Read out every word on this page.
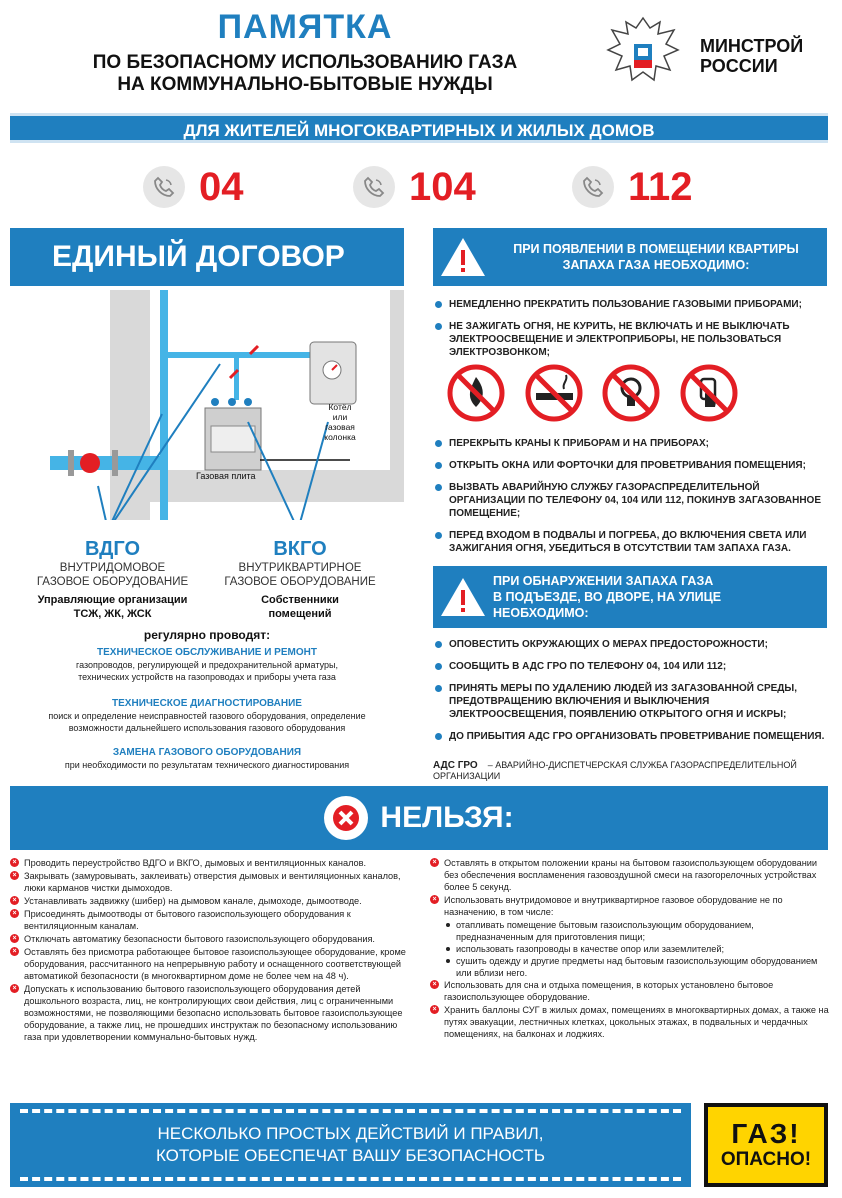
ПАМЯТКА
ПО БЕЗОПАСНОМУ ИСПОЛЬЗОВАНИЮ ГАЗА
НА КОММУНАЛЬНО-БЫТОВЫЕ НУЖДЫ
МИНСТРОЙ
РОССИИ
ДЛЯ ЖИТЕЛЕЙ МНОГОКВАРТИРНЫХ И ЖИЛЫХ ДОМОВ
04	104	112
ЕДИНЫЙ ДОГОВОР
Котёл
или
газовая
колонка
Газовая плита
ВДГО
ВНУТРИДОМОВОЕ
ГАЗОВОЕ ОБОРУДОВАНИЕ
Управляющие организации
ТСЖ, ЖК, ЖСК
ВКГО
ВНУТРИКВАРТИРНОЕ
ГАЗОВОЕ ОБОРУДОВАНИЕ
Собственники
помещений
регулярно проводят:
ТЕХНИЧЕСКОЕ ОБСЛУЖИВАНИЕ И РЕМОНТ
газопроводов, регулирующей и предохранительной арматуры,
технических устройств на газопроводах и приборы учета газа
ТЕХНИЧЕСКОЕ ДИАГНОСТИРОВАНИЕ
поиск и определение неисправностей газового оборудования, определение
возможности дальнейшего использования газового оборудования
ЗАМЕНА ГАЗОВОГО ОБОРУДОВАНИЯ
при необходимости по результатам технического диагностирования
ПРИ ПОЯВЛЕНИИ В ПОМЕЩЕНИИ КВАРТИРЫ
ЗАПАХА ГАЗА НЕОБХОДИМО:
НЕМЕДЛЕННО ПРЕКРАТИТЬ ПОЛЬЗОВАНИЕ ГАЗОВЫМИ ПРИБОРАМИ;
НЕ ЗАЖИГАТЬ ОГНЯ, НЕ КУРИТЬ, НЕ ВКЛЮЧАТЬ И НЕ ВЫКЛЮЧАТЬ ЭЛЕКТРООСВЕЩЕНИЕ И ЭЛЕКТРОПРИБОРЫ, НЕ ПОЛЬЗОВАТЬСЯ ЭЛЕКТРОЗВОНКОМ;
ПЕРЕКРЫТЬ КРАНЫ К ПРИБОРАМ И НА ПРИБОРАХ;
ОТКРЫТЬ ОКНА ИЛИ ФОРТОЧКИ ДЛЯ ПРОВЕТРИВАНИЯ ПОМЕЩЕНИЯ;
ВЫЗВАТЬ АВАРИЙНУЮ СЛУЖБУ ГАЗОРАСПРЕДЕЛИТЕЛЬНОЙ ОРГАНИЗАЦИИ ПО ТЕЛЕФОНУ 04, 104 ИЛИ 112, ПОКИНУВ ЗАГАЗОВАННОЕ ПОМЕЩЕНИЕ;
ПЕРЕД ВХОДОМ В ПОДВАЛЫ И ПОГРЕБА, ДО ВКЛЮЧЕНИЯ СВЕТА ИЛИ ЗАЖИГАНИЯ ОГНЯ, УБЕДИТЬСЯ В ОТСУТСТВИИ ТАМ ЗАПАХА ГАЗА.
ПРИ ОБНАРУЖЕНИИ ЗАПАХА ГАЗА
В ПОДЪЕЗДЕ, ВО ДВОРЕ, НА УЛИЦЕ
НЕОБХОДИМО:
ОПОВЕСТИТЬ ОКРУЖАЮЩИХ О МЕРАХ ПРЕДОСТОРОЖНОСТИ;
СООБЩИТЬ В АДС ГРО ПО ТЕЛЕФОНУ 04, 104 ИЛИ 112;
ПРИНЯТЬ МЕРЫ ПО УДАЛЕНИЮ ЛЮДЕЙ ИЗ ЗАГАЗОВАННОЙ СРЕДЫ, ПРЕДОТВРАЩЕНИЮ ВКЛЮЧЕНИЯ И ВЫКЛЮЧЕНИЯ ЭЛЕКТРООСВЕЩЕНИЯ, ПОЯВЛЕНИЮ ОТКРЫТОГО ОГНЯ И ИСКРЫ;
ДО ПРИБЫТИЯ АДС ГРО ОРГАНИЗОВАТЬ ПРОВЕТРИВАНИЕ ПОМЕЩЕНИЯ.
АДС ГРО – АВАРИЙНО-ДИСПЕТЧЕРСКАЯ СЛУЖБА ГАЗОРАСПРЕДЕЛИТЕЛЬНОЙ ОРГАНИЗАЦИИ
НЕЛЬЗЯ:
× Проводить переустройство ВДГО и ВКГО, дымовых и вентиляционных каналов.
× Закрывать (замуровывать, заклеивать) отверстия дымовых и вентиляционных каналов, люки карманов чистки дымоходов.
× Устанавливать задвижку (шибер) на дымовом канале, дымоходе, дымоотводе.
× Присоединять дымоотводы от бытового газоиспользующего оборудования к вентиляционным каналам.
× Отключать автоматику безопасности бытового газоиспользующего оборудования.
× Оставлять без присмотра работающее бытовое газоиспользующее оборудование, кроме оборудования, рассчитанного на непрерывную работу и оснащенного соответствующей автоматикой безопасности (в многоквартирном доме не более чем на 48 ч).
× Допускать к использованию бытового газоиспользующего оборудования детей дошкольного возраста, лиц, не контролирующих свои действия, лиц с ограниченными возможностями, не позволяющими безопасно использовать бытовое газоиспользующее оборудование, а также лиц, не прошедших инструктаж по безопасному использованию газа при удовлетворении коммунально-бытовых нужд.
× Оставлять в открытом положении краны на бытовом газоиспользующем оборудовании без обеспечения воспламенения газовоздушной смеси на газогорелочных устройствах более 5 секунд.
× Использовать внутридомовое и внутриквартирное газовое оборудование не по назначению, в том числе:
отапливать помещение бытовым газоиспользующим оборудованием, предназначенным для приготовления пищи;
использовать газопроводы в качестве опор или заземлителей;
сушить одежду и другие предметы над бытовым газоиспользующим оборудованием или вблизи него.
× Использовать для сна и отдыха помещения, в которых установлено бытовое газоиспользующее оборудование.
× Хранить баллоны СУГ в жилых домах, помещениях в многоквартирных домах, а также на путях эвакуации, лестничных клетках, цокольных этажах, в подвальных и чердачных помещениях, на балконах и лоджиях.
НЕСКОЛЬКО ПРОСТЫХ ДЕЙСТВИЙ И ПРАВИЛ,
КОТОРЫЕ ОБЕСПЕЧАТ ВАШУ БЕЗОПАСНОСТЬ
ГАЗ!
ОПАСНО!
